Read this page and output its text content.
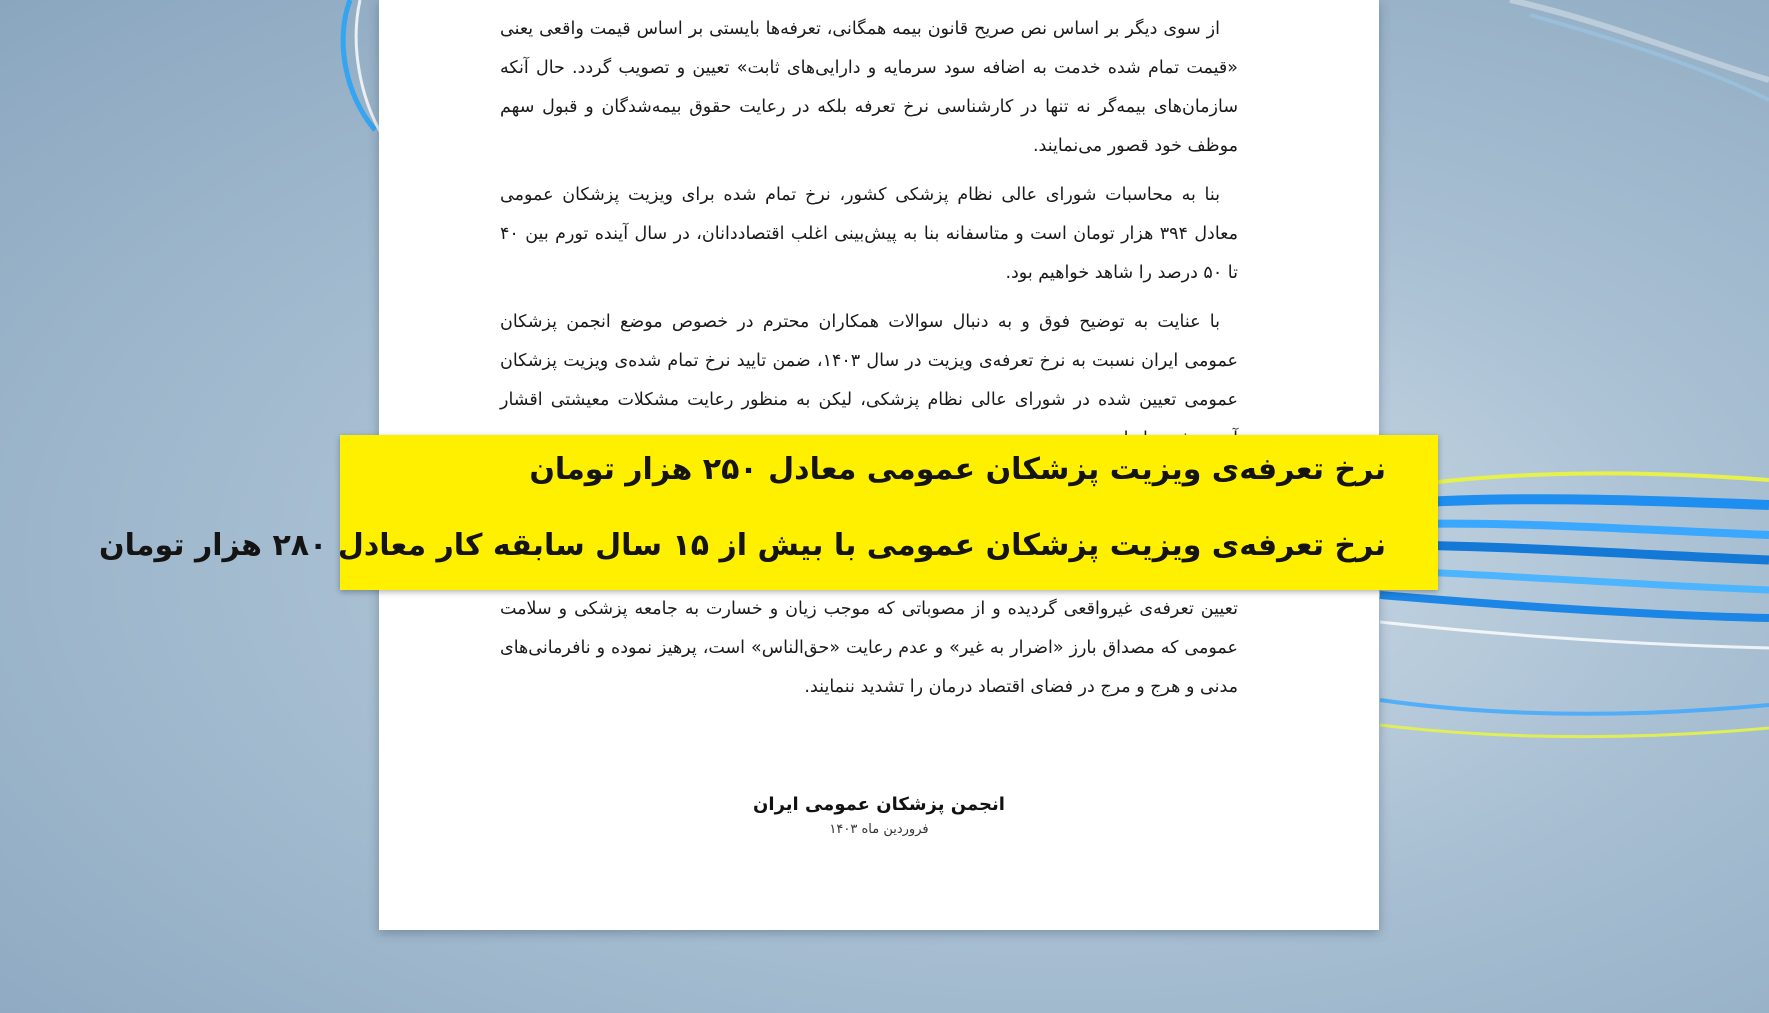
از سوی دیگر بر اساس نص صریح قانون بیمه همگانی، تعرفه‌ها بایستی بر اساس قیمت واقعی یعنی «قیمت تمام شده خدمت به اضافه سود سرمایه و دارایی‌های ثابت» تعیین و تصویب گردد. حال آنکه سازمان‌های بیمه‌گر نه تنها در کارشناسی نرخ تعرفه بلکه در رعایت حقوق بیمه‌شدگان و قبول سهم موظف خود قصور می‌نمایند.

بنا به محاسبات شورای عالی نظام پزشکی کشور، نرخ تمام شده برای ویزیت پزشکان عمومی معادل ۳۹۴ هزار تومان است و متاسفانه بنا به پیش‌بینی اغلب اقتصاددانان، در سال آینده تورم بین ۴۰ تا ۵۰ درصد را شاهد خواهیم بود.

با عنایت به توضیح فوق و به دنبال سوالات همکاران محترم در خصوص موضع انجمن پزشکان عمومی ایران نسبت به نرخ تعرفه‌ی ویزیت در سال ۱۴۰۳، ضمن تایید نرخ تمام شده‌ی ویزیت پزشکان عمومی تعیین شده در شورای عالی نظام پزشکی، لیکن به منظور رعایت مشکلات معیشتی اقشار

تعیین تعرفه‌ی غیرواقعی گردیده و از مصوباتی که موجب زیان و خسارت به جامعه پزشکی و سلامت عمومی که مصداق بارز «اضرار به غیر» و عدم رعایت «حق‌الناس» است، پرهیز نموده و نافرمانی‌های مدنی و هرج و مرج در فضای اقتصاد درمان را تشدید ننمایند.

انجمن پزشکان عمومی ایران
فروردین ماه ۱۴۰۳
نرخ تعرفه‌ی ویزیت پزشکان عمومی معادل ۲۵۰ هزار تومان
نرخ تعرفه‌ی ویزیت پزشکان عمومی با بیش از ۱۵ سال سابقه کار معادل ۲۸۰ هزار تومان
